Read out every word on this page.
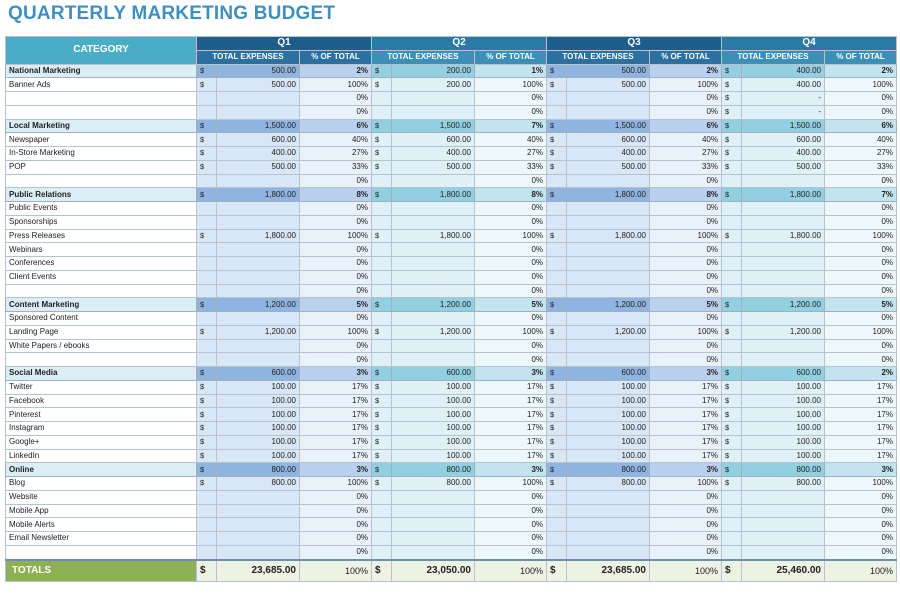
QUARTERLY MARKETING BUDGET
CATEGORY	Q1			Q2			Q3			Q4		
	TOTAL EXPENSES		% OF TOTAL	TOTAL EXPENSES		% OF TOTAL	TOTAL EXPENSES		% OF TOTAL	TOTAL EXPENSES		% OF TOTAL
National Marketing	$	500.00	2%	$	200.00	1%	$	500.00	2%	$	400.00	2%
Banner Ads	$	500.00	100%	$	200.00	100%	$	500.00	100%	$	400.00	100%
			0%			0%			0%	$	-	0%
			0%			0%			0%	$	-	0%
Local Marketing	$	1,500.00	6%	$	1,500.00	7%	$	1,500.00	6%	$	1,500.00	6%
Newspaper	$	600.00	40%	$	600.00	40%	$	600.00	40%	$	600.00	40%
In-Store Marketing	$	400.00	27%	$	400.00	27%	$	400.00	27%	$	400.00	27%
POP	$	500.00	33%	$	500.00	33%	$	500.00	33%	$	500.00	33%
			0%			0%			0%			0%
Public Relations	$	1,800.00	8%	$	1,800.00	8%	$	1,800.00	8%	$	1,800.00	7%
Public Events			0%			0%			0%			0%
Sponsorships			0%			0%			0%			0%
Press Releases	$	1,800.00	100%	$	1,800.00	100%	$	1,800.00	100%	$	1,800.00	100%
Webinars			0%			0%			0%			0%
Conferences			0%			0%			0%			0%
Client Events			0%			0%			0%			0%
			0%			0%			0%			0%
Content Marketing	$	1,200.00	5%	$	1,200.00	5%	$	1,200.00	5%	$	1,200.00	5%
Sponsored Content			0%			0%			0%			0%
Landing Page	$	1,200.00	100%	$	1,200.00	100%	$	1,200.00	100%	$	1,200.00	100%
White Papers / ebooks			0%			0%			0%			0%
			0%			0%			0%			0%
Social Media	$	600.00	3%	$	600.00	3%	$	600.00	3%	$	600.00	2%
Twitter	$	100.00	17%	$	100.00	17%	$	100.00	17%	$	100.00	17%
Facebook	$	100.00	17%	$	100.00	17%	$	100.00	17%	$	100.00	17%
Pinterest	$	100.00	17%	$	100.00	17%	$	100.00	17%	$	100.00	17%
Instagram	$	100.00	17%	$	100.00	17%	$	100.00	17%	$	100.00	17%
Google+	$	100.00	17%	$	100.00	17%	$	100.00	17%	$	100.00	17%
LinkedIn	$	100.00	17%	$	100.00	17%	$	100.00	17%	$	100.00	17%
Online	$	800.00	3%	$	800.00	3%	$	800.00	3%	$	800.00	3%
Blog	$	800.00	100%	$	800.00	100%	$	800.00	100%	$	800.00	100%
Website			0%			0%			0%			0%
Mobile App			0%			0%			0%			0%
Mobile Alerts			0%			0%			0%			0%
Email Newsletter			0%			0%			0%			0%
			0%			0%			0%			0%
TOTALS	$	23,685.00	100%	$	23,050.00	100%	$	23,685.00	100%	$	25,460.00	100%
